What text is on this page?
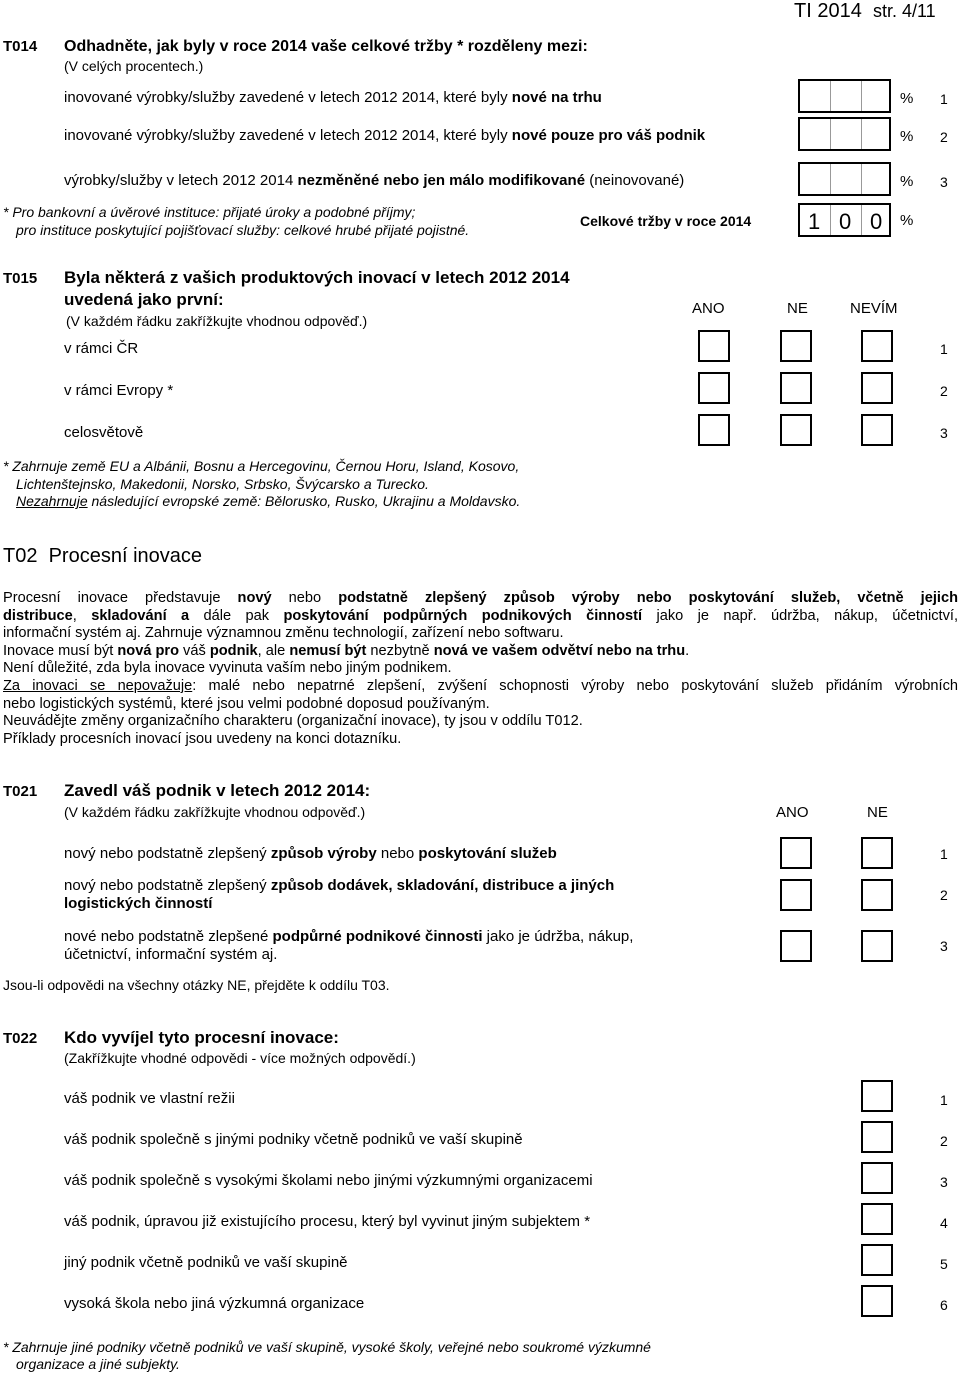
TI 2014 str. 4/11
T014 Odhadněte, jak byly v roce 2014 vaše celkové tržby * rozděleny mezi:
(V celých procentech.)
inovované výrobky/služby zavedené v letech 2012 2014, které byly nové na trhu	% 1
inovované výrobky/služby zavedené v letech 2012 2014, které byly nové pouze pro váš podnik	% 2
výrobky/služby v letech 2012 2014 nezměněné nebo jen málo modifikované (neinovované)	% 3
* Pro bankovní a úvěrové instituce: přijaté úroky a podobné příjmy;
pro instituce poskytující pojišťovací služby: celkové hrubé přijaté pojistné.
Celkové tržby v roce 2014	1 0 0 %
T015 Byla některá z vašich produktových inovací v letech 2012 2014
uvedená jako první:
(V každém řádku zakřížkujte vhodnou odpověď.)
ANO	NE	NEVÍM
v rámci ČR	1
v rámci Evropy *	2
celosvětově	3
* Zahrnuje země EU a Albánii, Bosnu a Hercegovinu, Černou Horu, Island, Kosovo,
Lichtenštejnsko, Makedonii, Norsko, Srbsko, Švýcarsko a Turecko.
Nezahrnuje následující evropské země: Bělorusko, Rusko, Ukrajinu a Moldavsko.
T02 Procesní inovace
Procesní inovace představuje nový nebo podstatně zlepšený způsob výroby nebo poskytování služeb, včetně jejich
distribuce, skladování a dále pak poskytování podpůrných podnikových činností jako je např. údržba, nákup, účetnictví,
informační systém aj. Zahrnuje významnou změnu technologií, zařízení nebo softwaru.
Inovace musí být nová pro váš podnik, ale nemusí být nezbytně nová ve vašem odvětví nebo na trhu.
Není důležité, zda byla inovace vyvinuta vaším nebo jiným podnikem.
Za inovaci se nepovažuje: malé nebo nepatrné zlepšení, zvýšení schopnosti výroby nebo poskytování služeb přidáním výrobních
nebo logistických systémů, které jsou velmi podobné doposud používaným.
Neuvádějte změny organizačního charakteru (organizační inovace), ty jsou v oddílu T012.
Příklady procesních inovací jsou uvedeny na konci dotazníku.
T021 Zavedl váš podnik v letech 2012 2014:
(V každém řádku zakřížkujte vhodnou odpověď.)	ANO	NE
nový nebo podstatně zlepšený způsob výroby nebo poskytování služeb	1
nový nebo podstatně zlepšený způsob dodávek, skladování, distribuce a jiných
logistických činností	2
nové nebo podstatně zlepšené podpůrné podnikové činnosti jako je údržba, nákup,
účetnictví, informační systém aj.	3
Jsou-li odpovědi na všechny otázky NE, přejděte k oddílu T03.
T022 Kdo vyvíjel tyto procesní inovace:
(Zakřížkujte vhodné odpovědi - více možných odpovědí.)
váš podnik ve vlastní režii	1
váš podnik společně s jinými podniky včetně podniků ve vaší skupině	2
váš podnik společně s vysokými školami nebo jinými výzkumnými organizacemi	3
váš podnik, úpravou již existujícího procesu, který byl vyvinut jiným subjektem *	4
jiný podnik včetně podniků ve vaší skupině	5
vysoká škola nebo jiná výzkumná organizace	6
* Zahrnuje jiné podniky včetně podniků ve vaší skupině, vysoké školy, veřejné nebo soukromé výzkumné
organizace a jiné subjekty.
